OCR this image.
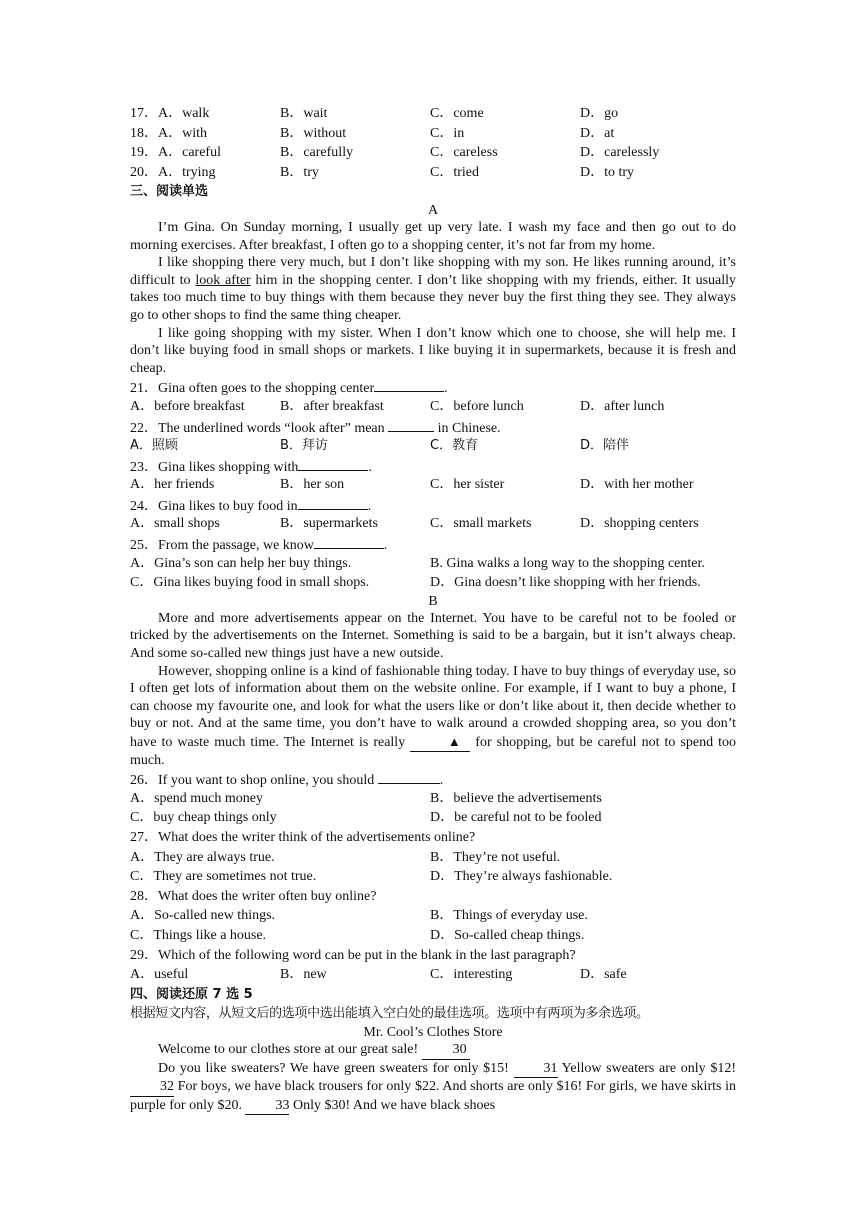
17．A．walk	B．wait	C．come	D．go
18．A．with	B．without	C．in	D．at
19．A．careful	B．carefully	C．careless	D．carelessly
20．A．trying	B．try	C．tried	D．to try
三、阅读单选
A

I’m Gina. On Sunday morning, I usually get up very late. I wash my face and then go out to do morning exercises. After breakfast, I often go to a shopping center, it’s not far from my home.

I like shopping there very much, but I don’t like shopping with my son. He likes running around, it’s difficult to look after him in the shopping center. I don’t like shopping with my friends, either. It usually takes too much time to buy things with them because they never buy the first thing they see. They always go to other shops to find the same thing cheaper.

I like going shopping with my sister. When I don’t know which one to choose, she will help me. I don’t like buying food in small shops or markets. I like buying it in supermarkets, because it is fresh and cheap.

21．Gina often goes to the shopping center	.
A．before breakfast	B．after breakfast	C．before lunch	D．after lunch
22．The underlined words “look after” mean	in Chinese.
A．照顾	B．拜访	C．教育	D．陪伴
23．Gina likes shopping with	.
A．her friends	B．her son	C．her sister	D．with her mother
24．Gina likes to buy food in	.
A．small shops	B．supermarkets	C．small markets	D．shopping centers
25．From the passage, we know	.
A．Gina’s son can help her buy things.	B. Gina walks a long way to the shopping center.
C．Gina likes buying food in small shops.	D．Gina doesn’t like shopping with her friends.
B

More and more advertisements appear on the Internet. You have to be careful not to be fooled or tricked by the advertisements on the Internet. Something is said to be a bargain, but it isn’t always cheap. And some so-called new things just have a new outside.

However, shopping online is a kind of fashionable thing today. I have to buy things of everyday use, so I often get lots of information about them on the website online. For example, if I want to buy a phone, I can choose my favourite one, and look for what the users like or don’t like about it, then decide whether to buy or not. And at the same time, you don’t have to walk around a crowded shopping area, so you don’t have to waste much time. The Internet is really	▲ for shopping, but be careful not to spend too much.

26．If you want to shop online, you should	.
A．spend much money	B．believe the advertisements
C．buy cheap things only	D．be careful not to be fooled
27．What does the writer think of the advertisements online?
A．They are always true.	B．They’re not useful.
C．They are sometimes not true.	D．They’re always fashionable.
28．What does the writer often buy online?
A．So-called new things.	B．Things of everyday use.
C．Things like a house.	D．So-called cheap things.
29．Which of the following word can be put in the blank in the last paragraph?
A．useful	B．new	C．interesting	D．safe
四、阅读还原 7 选 5
根据短文内容，从短文后的选项中选出能填入空白处的最佳选项。选项中有两项为多余选项。
Mr. Cool’s Clothes Store

Welcome to our clothes store at our great sale! 30

Do you like sweaters? We have green sweaters for only $15! 31 Yellow sweaters are only $12! 32 For boys, we have black trousers for only $22. And shorts are only $16! For girls, we have skirts in purple for only $20. 33 Only $30! And we have black shoes
